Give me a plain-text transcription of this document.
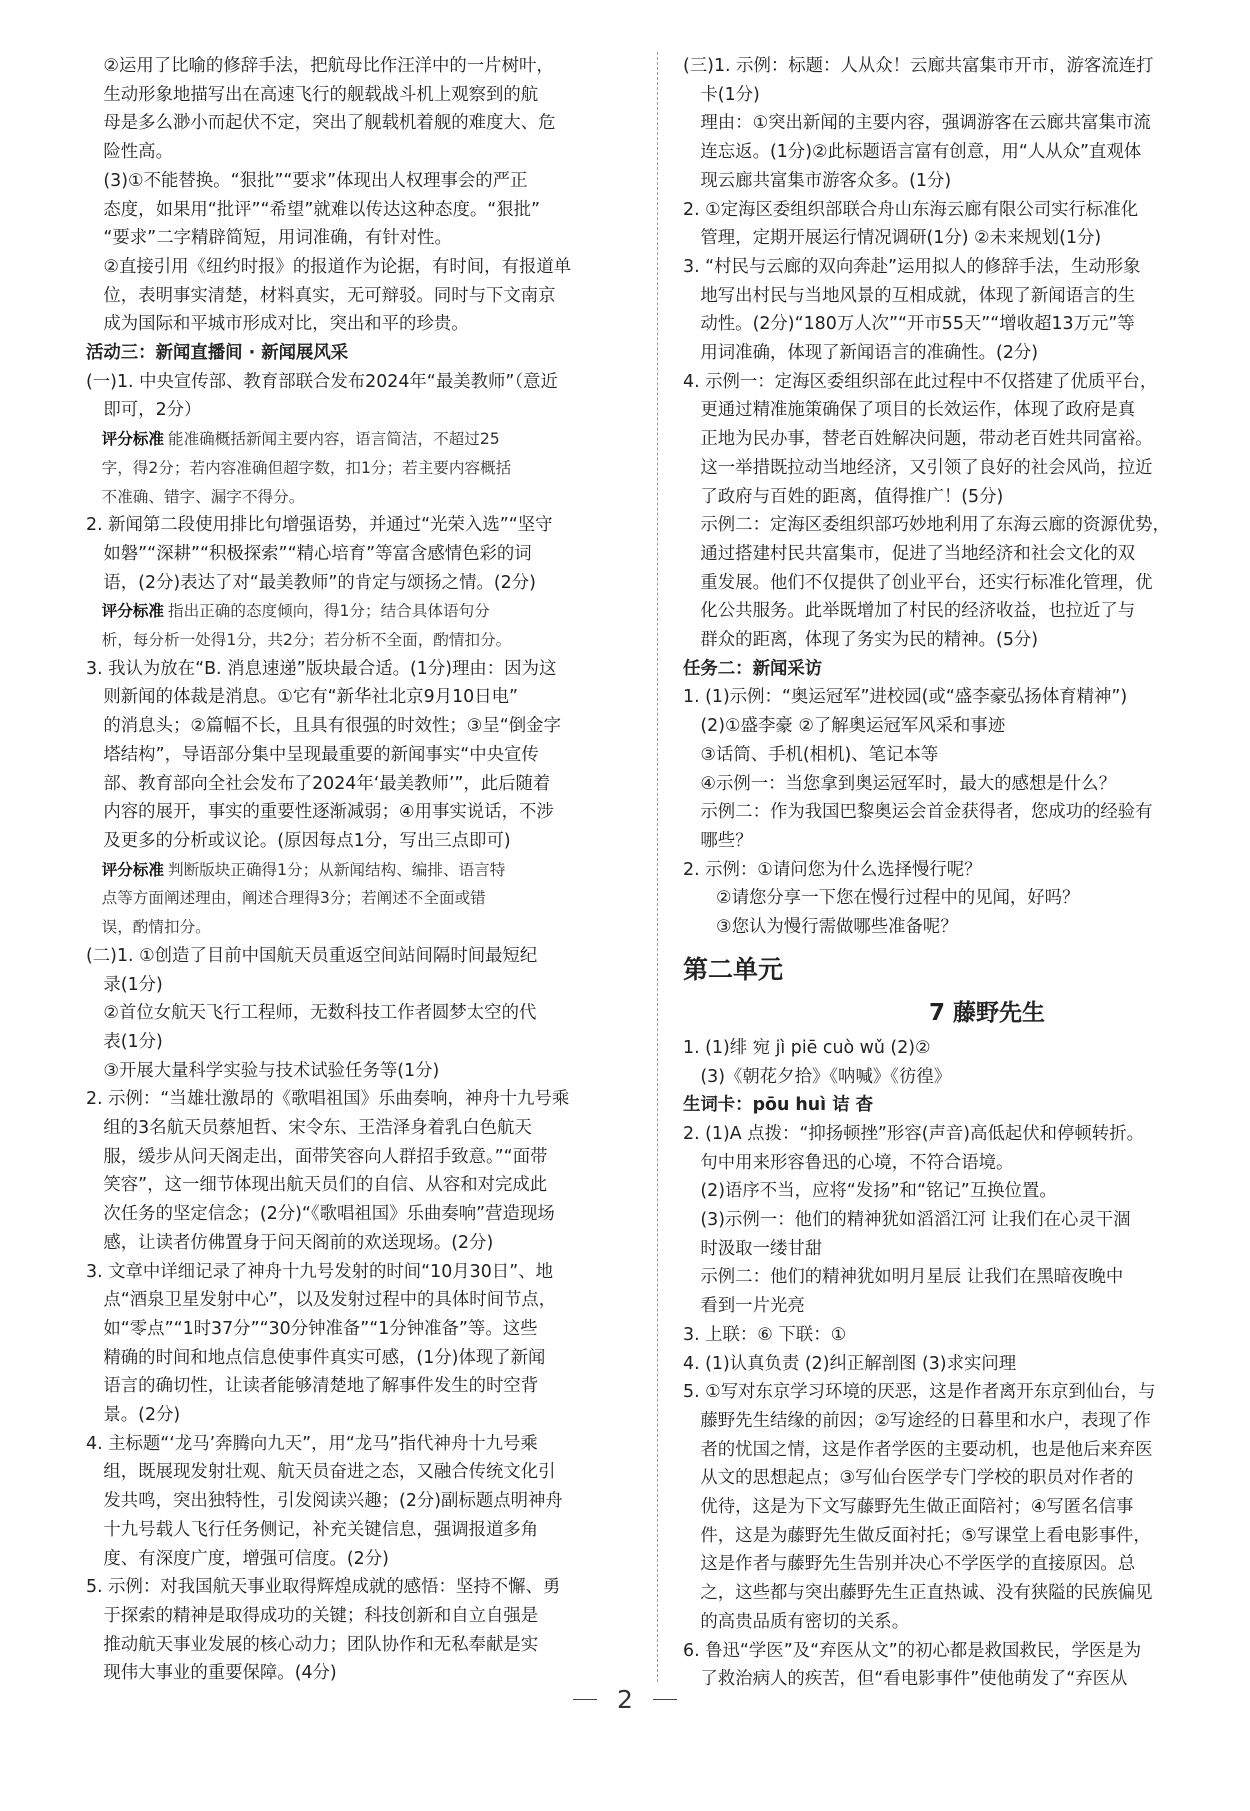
②运用了比喻的修辞手法，把航母比作汪洋中的一片树叶，
生动形象地描写出在高速飞行的舰载战斗机上观察到的航
母是多么渺小而起伏不定，突出了舰载机着舰的难度大、危
险性高。
(3)①不能替换。“狠批”“要求”体现出人权理事会的严正
态度，如果用“批评”“希望”就难以传达这种态度。“狠批”
“要求”二字精辟简短，用词准确，有针对性。
②直接引用《纽约时报》的报道作为论据，有时间，有报道单
位，表明事实清楚，材料真实，无可辩驳。同时与下文南京
成为国际和平城市形成对比，突出和平的珍贵。
活动三：新闻直播间 · 新闻展风采
(一)1. 中央宣传部、教育部联合发布2024年“最美教师”（意近
即可，2分）
评分标准 能准确概括新闻主要内容，语言简洁，不超过25
字，得2分；若内容准确但超字数，扣1分；若主要内容概括
不准确、错字、漏字不得分。
2. 新闻第二段使用排比句增强语势，并通过“光荣入选”“坚守
如磐”“深耕”“积极探索”“精心培育”等富含感情色彩的词
语，(2分)表达了对“最美教师”的肯定与颂扬之情。(2分)
评分标准 指出正确的态度倾向，得1分；结合具体语句分
析，每分析一处得1分，共2分；若分析不全面，酌情扣分。
3. 我认为放在“B. 消息速递”版块最合适。(1分)理由：因为这
则新闻的体裁是消息。①它有“新华社北京9月10日电”
的消息头；②篇幅不长，且具有很强的时效性；③呈“倒金字
塔结构”，导语部分集中呈现最重要的新闻事实“中央宣传
部、教育部向全社会发布了2024年‘最美教师’”，此后随着
内容的展开，事实的重要性逐渐减弱；④用事实说话，不涉
及更多的分析或议论。(原因每点1分，写出三点即可)
评分标准 判断版块正确得1分；从新闻结构、编排、语言特
点等方面阐述理由，阐述合理得3分；若阐述不全面或错
误，酌情扣分。
(二)1. ①创造了目前中国航天员重返空间站间隔时间最短纪
录(1分)
②首位女航天飞行工程师，无数科技工作者圆梦太空的代
表(1分)
③开展大量科学实验与技术试验任务等(1分)
2. 示例：“当雄壮激昂的《歌唱祖国》乐曲奏响，神舟十九号乘
组的3名航天员蔡旭哲、宋令东、王浩泽身着乳白色航天
服，缓步从问天阁走出，面带笑容向人群招手致意。”“面带
笑容”，这一细节体现出航天员们的自信、从容和对完成此
次任务的坚定信念；(2分)“《歌唱祖国》乐曲奏响”营造现场
感，让读者仿佛置身于问天阁前的欢送现场。(2分)
3. 文章中详细记录了神舟十九号发射的时间“10月30日”、地
点“酒泉卫星发射中心”，以及发射过程中的具体时间节点，
如“零点”“1时37分”“30分钟准备”“1分钟准备”等。这些
精确的时间和地点信息使事件真实可感，(1分)体现了新闻
语言的确切性，让读者能够清楚地了解事件发生的时空背
景。(2分)
4. 主标题“‘龙马’奔腾向九天”，用“龙马”指代神舟十九号乘
组，既展现发射壮观、航天员奋进之态，又融合传统文化引
发共鸣，突出独特性，引发阅读兴趣；(2分)副标题点明神舟
十九号载人飞行任务侧记，补充关键信息，强调报道多角
度、有深度广度，增强可信度。(2分)
5. 示例：对我国航天事业取得辉煌成就的感悟：坚持不懈、勇
于探索的精神是取得成功的关键；科技创新和自立自强是
推动航天事业发展的核心动力；团队协作和无私奉献是实
现伟大事业的重要保障。(4分)
(三)1. 示例：标题：人从众！云廊共富集市开市，游客流连打
卡(1分)
理由：①突出新闻的主要内容，强调游客在云廊共富集市流
连忘返。(1分)②此标题语言富有创意，用“人从众”直观体
现云廊共富集市游客众多。(1分)
2. ①定海区委组织部联合舟山东海云廊有限公司实行标准化
管理，定期开展运行情况调研(1分) ②未来规划(1分)
3. “村民与云廊的双向奔赴”运用拟人的修辞手法，生动形象
地写出村民与当地风景的互相成就，体现了新闻语言的生
动性。(2分)“180万人次”“开市55天”“增收超13万元”等
用词准确，体现了新闻语言的准确性。(2分)
4. 示例一：定海区委组织部在此过程中不仅搭建了优质平台，
更通过精准施策确保了项目的长效运作，体现了政府是真
正地为民办事，替老百姓解决问题，带动老百姓共同富裕。
这一举措既拉动当地经济，又引领了良好的社会风尚，拉近
了政府与百姓的距离，值得推广！(5分)
示例二：定海区委组织部巧妙地利用了东海云廊的资源优势，
通过搭建村民共富集市，促进了当地经济和社会文化的双
重发展。他们不仅提供了创业平台，还实行标准化管理，优
化公共服务。此举既增加了村民的经济收益，也拉近了与
群众的距离，体现了务实为民的精神。(5分)
任务二：新闻采访
1. (1)示例：“奥运冠军”进校园(或“盛李豪弘扬体育精神”)
(2)①盛李豪 ②了解奥运冠军风采和事迹
③话筒、手机(相机)、笔记本等
④示例一：当您拿到奥运冠军时，最大的感想是什么？
示例二：作为我国巴黎奥运会首金获得者，您成功的经验有
哪些？
2. 示例：①请问您为什么选择慢行呢？
②请您分享一下您在慢行过程中的见闻，好吗？
③您认为慢行需做哪些准备呢？
第二单元
7 藤野先生
1. (1)绯 宛 jì piē cuò wǔ (2)②
(3)《朝花夕拾》《呐喊》《彷徨》
生词卡：pōu huì 诘 杳
2. (1)A 点拨：“抑扬顿挫”形容(声音)高低起伏和停顿转折。
句中用来形容鲁迅的心境，不符合语境。
(2)语序不当，应将“发扬”和“铭记”互换位置。
(3)示例一：他们的精神犹如滔滔江河 让我们在心灵干涸
时汲取一缕甘甜
示例二：他们的精神犹如明月星辰 让我们在黑暗夜晚中
看到一片光亮
3. 上联：⑥ 下联：①
4. (1)认真负责 (2)纠正解剖图 (3)求实问理
5. ①写对东京学习环境的厌恶，这是作者离开东京到仙台，与
藤野先生结缘的前因；②写途经的日暮里和水户，表现了作
者的忧国之情，这是作者学医的主要动机，也是他后来弃医
从文的思想起点；③写仙台医学专门学校的职员对作者的
优待，这是为下文写藤野先生做正面陪衬；④写匿名信事
件，这是为藤野先生做反面衬托；⑤写课堂上看电影事件，
这是作者与藤野先生告别并决心不学医学的直接原因。总
之，这些都与突出藤野先生正直热诚、没有狭隘的民族偏见
的高贵品质有密切的关系。
6. 鲁迅“学医”及“弃医从文”的初心都是救国救民，学医是为
了救治病人的疾苦，但“看电影事件”使他萌发了“弃医从
2
